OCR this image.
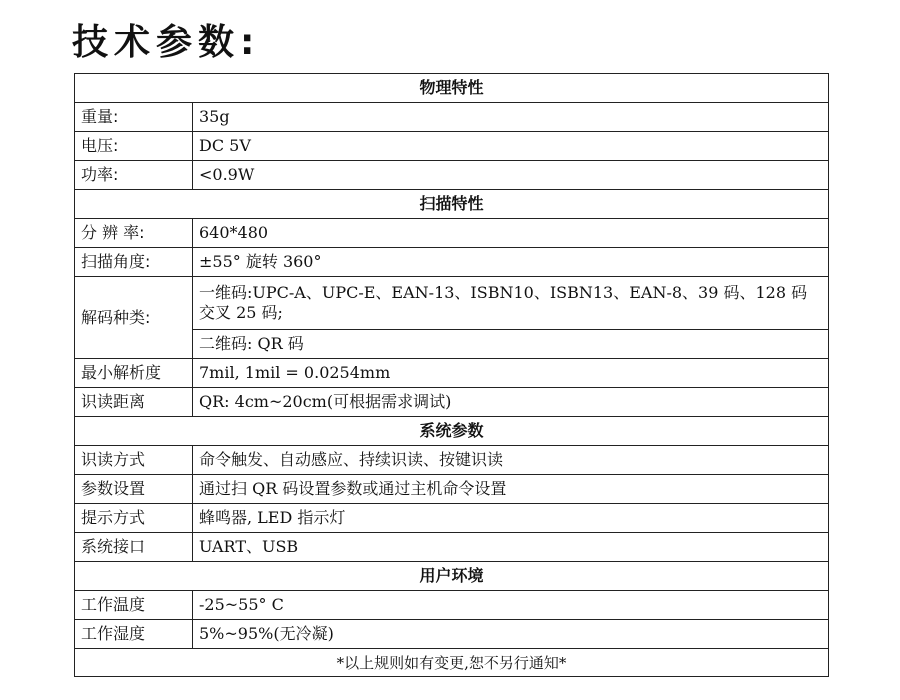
技术参数:
物理特性	
重量:	35g
电压:	DC 5V
功率:	<0.9W
扫描特性	
分 辨 率:	640*480
扫描角度:	±55° 旋转 360°
解码种类:	一维码:UPC-A、UPC-E、EAN-13、ISBN10、ISBN13、EAN-8、39 码、128 码 交叉 25 码;
	二维码: QR 码
最小解析度	7mil, 1mil = 0.0254mm
识读距离	QR: 4cm~20cm(可根据需求调试)
系统参数	
识读方式	命令触发、自动感应、持续识读、按键识读
参数设置	通过扫 QR 码设置参数或通过主机命令设置
提示方式	蜂鸣器, LED 指示灯
系统接口	UART、USB
用户环境	
工作温度	-25~55° C
工作湿度	5%~95%(无冷凝)
*以上规则如有变更,恕不另行通知*	
